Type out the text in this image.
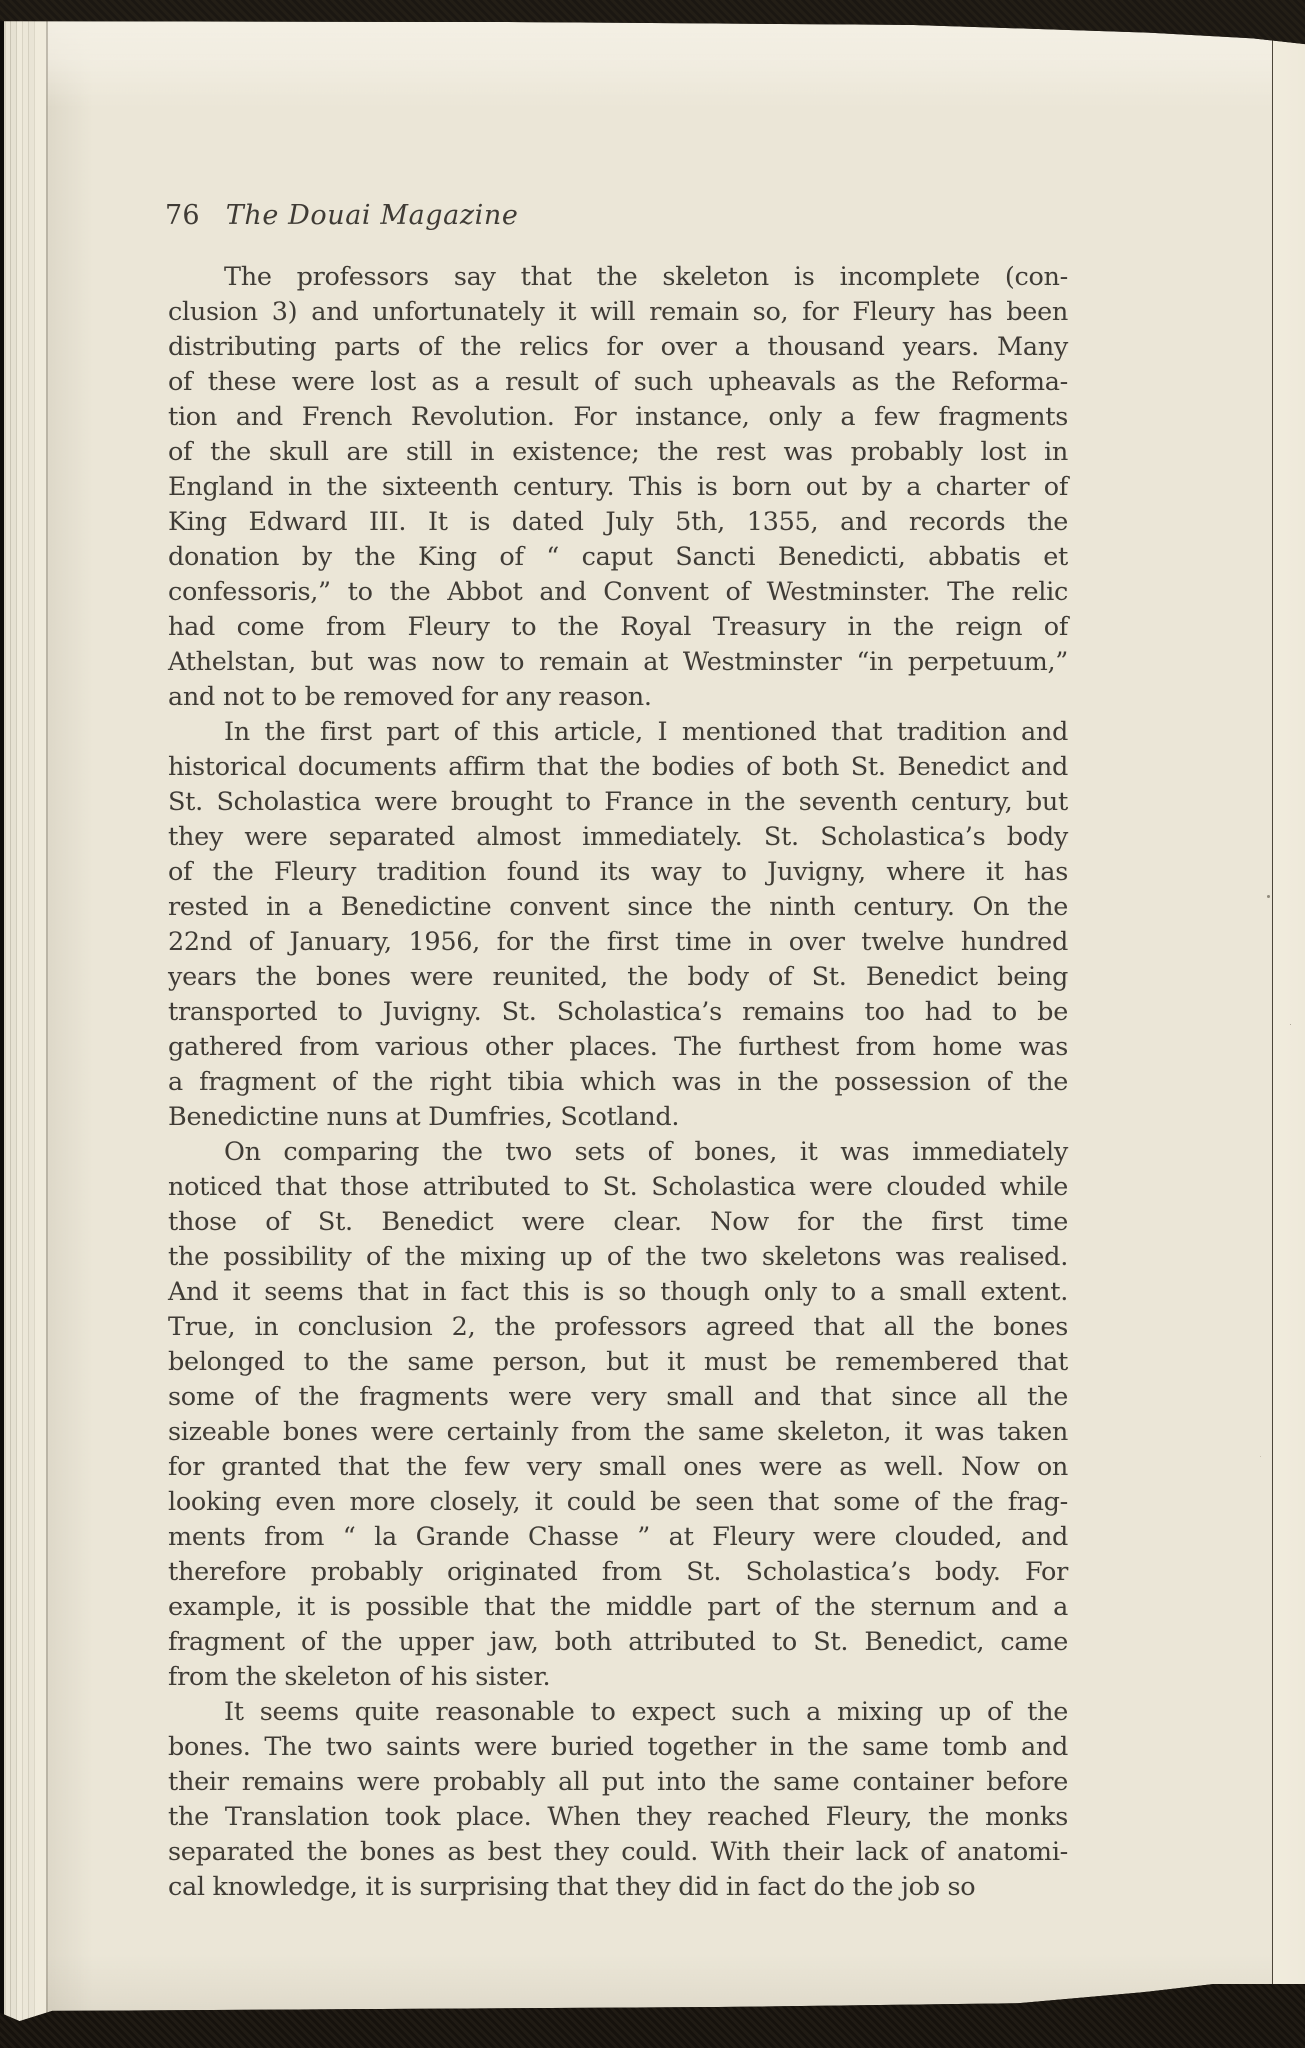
76 The Douai Magazine
The professors say that the skeleton is incomplete (con-
clusion 3) and unfortunately it will remain so, for Fleury has been
distributing parts of the relics for over a thousand years. Many
of these were lost as a result of such upheavals as the Reforma-
tion and French Revolution. For instance, only a few fragments
of the skull are still in existence; the rest was probably lost in
England in the sixteenth century. This is born out by a charter of
King Edward III. It is dated July 5th, 1355, and records the
donation by the King of “ caput Sancti Benedicti, abbatis et
confessoris,” to the Abbot and Convent of Westminster. The relic
had come from Fleury to the Royal Treasury in the reign of
Athelstan, but was now to remain at Westminster “in perpetuum,”
and not to be removed for any reason.
In the first part of this article, I mentioned that tradition and
historical documents affirm that the bodies of both St. Benedict and
St. Scholastica were brought to France in the seventh century, but
they were separated almost immediately. St. Scholastica’s body
of the Fleury tradition found its way to Juvigny, where it has
rested in a Benedictine convent since the ninth century. On the
22nd of January, 1956, for the first time in over twelve hundred
years the bones were reunited, the body of St. Benedict being
transported to Juvigny. St. Scholastica’s remains too had to be
gathered from various other places. The furthest from home was
a fragment of the right tibia which was in the possession of the
Benedictine nuns at Dumfries, Scotland.
On comparing the two sets of bones, it was immediately
noticed that those attributed to St. Scholastica were clouded while
those of St. Benedict were clear. Now for the first time
the possibility of the mixing up of the two skeletons was realised.
And it seems that in fact this is so though only to a small extent.
True, in conclusion 2, the professors agreed that all the bones
belonged to the same person, but it must be remembered that
some of the fragments were very small and that since all the
sizeable bones were certainly from the same skeleton, it was taken
for granted that the few very small ones were as well. Now on
looking even more closely, it could be seen that some of the frag-
ments from “ la Grande Chasse ” at Fleury were clouded, and
therefore probably originated from St. Scholastica’s body. For
example, it is possible that the middle part of the sternum and a
fragment of the upper jaw, both attributed to St. Benedict, came
from the skeleton of his sister.
It seems quite reasonable to expect such a mixing up of the
bones. The two saints were buried together in the same tomb and
their remains were probably all put into the same container before
the Translation took place. When they reached Fleury, the monks
separated the bones as best they could. With their lack of anatomi-
cal knowledge, it is surprising that they did in fact do the job so
